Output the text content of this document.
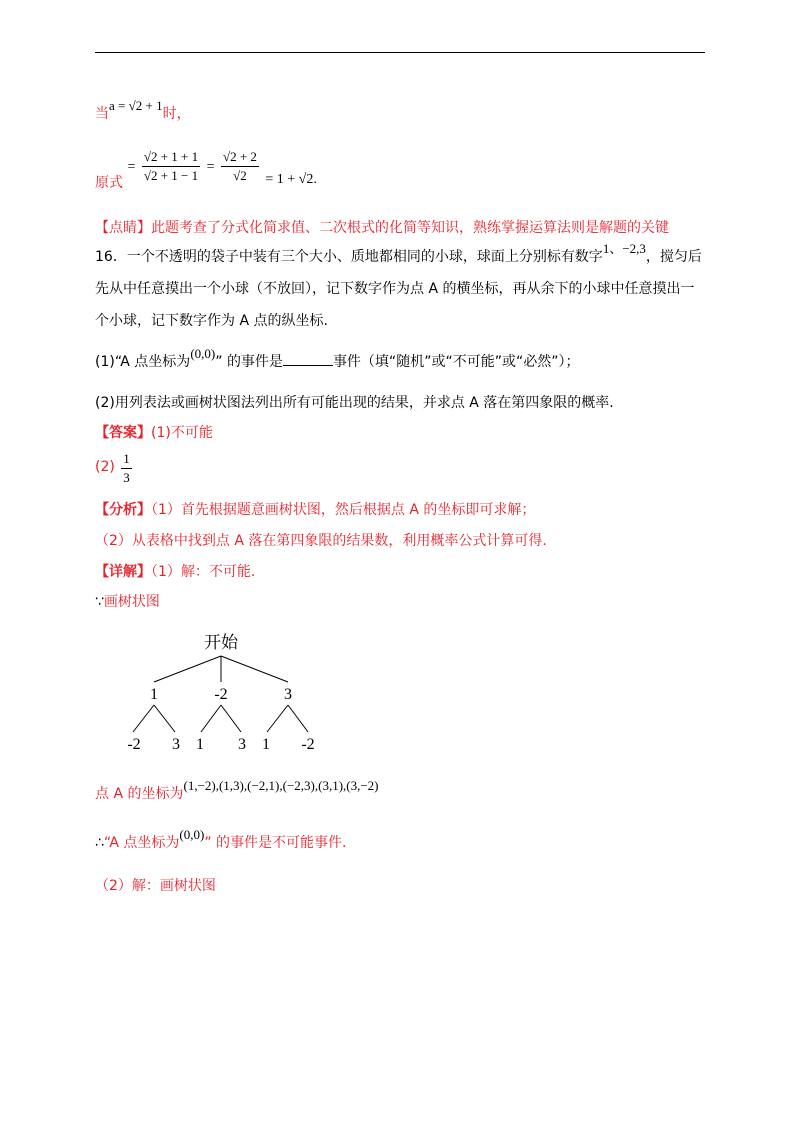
当a = √2 + 1时，
原式 = $\frac{√2 + 1 + 1}{√2 + 1 - 1} = \frac{√2 + 2}{√2} = 1 + √2$.
【点睛】此题考查了分式化简求值、二次根式的化简等知识，熟练掌握运算法则是解题的关键
16．一个不透明的袋子中装有三个大小、质地都相同的小球，球面上分别标有数字1、−2,3，搅匀后
先从中任意摸出一个小球（不放回），记下数字作为点 A 的横坐标，再从余下的小球中任意摸出一
个小球，记下数字作为 A 点的纵坐标.
(1)“A 点坐标为(0,0)” 的事件是	事件（填“随机”或“不可能”或“必然”）；
(2)用列表法或画树状图法列出所有可能出现的结果，并求点 A 落在第四象限的概率.
【答案】(1)不可能
$(2) \frac{1}{3}$
【分析】（1）首先根据题意画树状图，然后根据点 A 的坐标即可求解；
（2）从表格中找到点 A 落在第四象限的结果数，利用概率公式计算可得.
【详解】（1）解：不可能.
∵画树状图
开始
1	-2	3
-2 3 1 3 1 -2
点 A 的坐标为(1,−2),(1,3),(−2,1),(−2,3),(3,1),(3,−2)
∴“A 点坐标为(0,0)” 的事件是不可能事件.
（2）解：画树状图
